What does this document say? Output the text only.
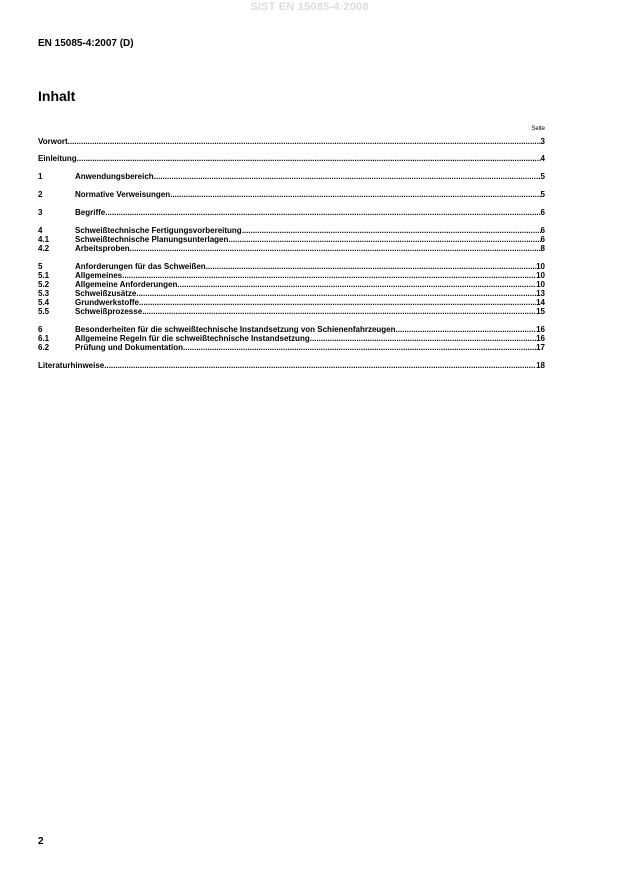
SIST EN 15085-4:2008
EN 15085-4:2007 (D)
Inhalt
Seite
Vorwort .....	3
Einleitung .....	4
1	Anwendungsbereich .....	5
2	Normative Verweisungen .....	5
3	Begriffe .....	6
4	Schweißtechnische Fertigungsvorbereitung .....	6
4.1	Schweißtechnische Planungsunterlagen .....	6
4.2	Arbeitsproben .....	8
5	Anforderungen für das Schweißen .....	10
5.1	Allgemeines .....	10
5.2	Allgemeine Anforderungen .....	10
5.3	Schweißzusätze .....	13
5.4	Grundwerkstoffe .....	14
5.5	Schweißprozesse .....	15
6	Besonderheiten für die schweißtechnische Instandsetzung von Schienenfahrzeugen .....	16
6.1	Allgemeine Regeln für die schweißtechnische Instandsetzung .....	16
6.2	Prüfung und Dokumentation .....	17
Literaturhinweise .....	18
2
